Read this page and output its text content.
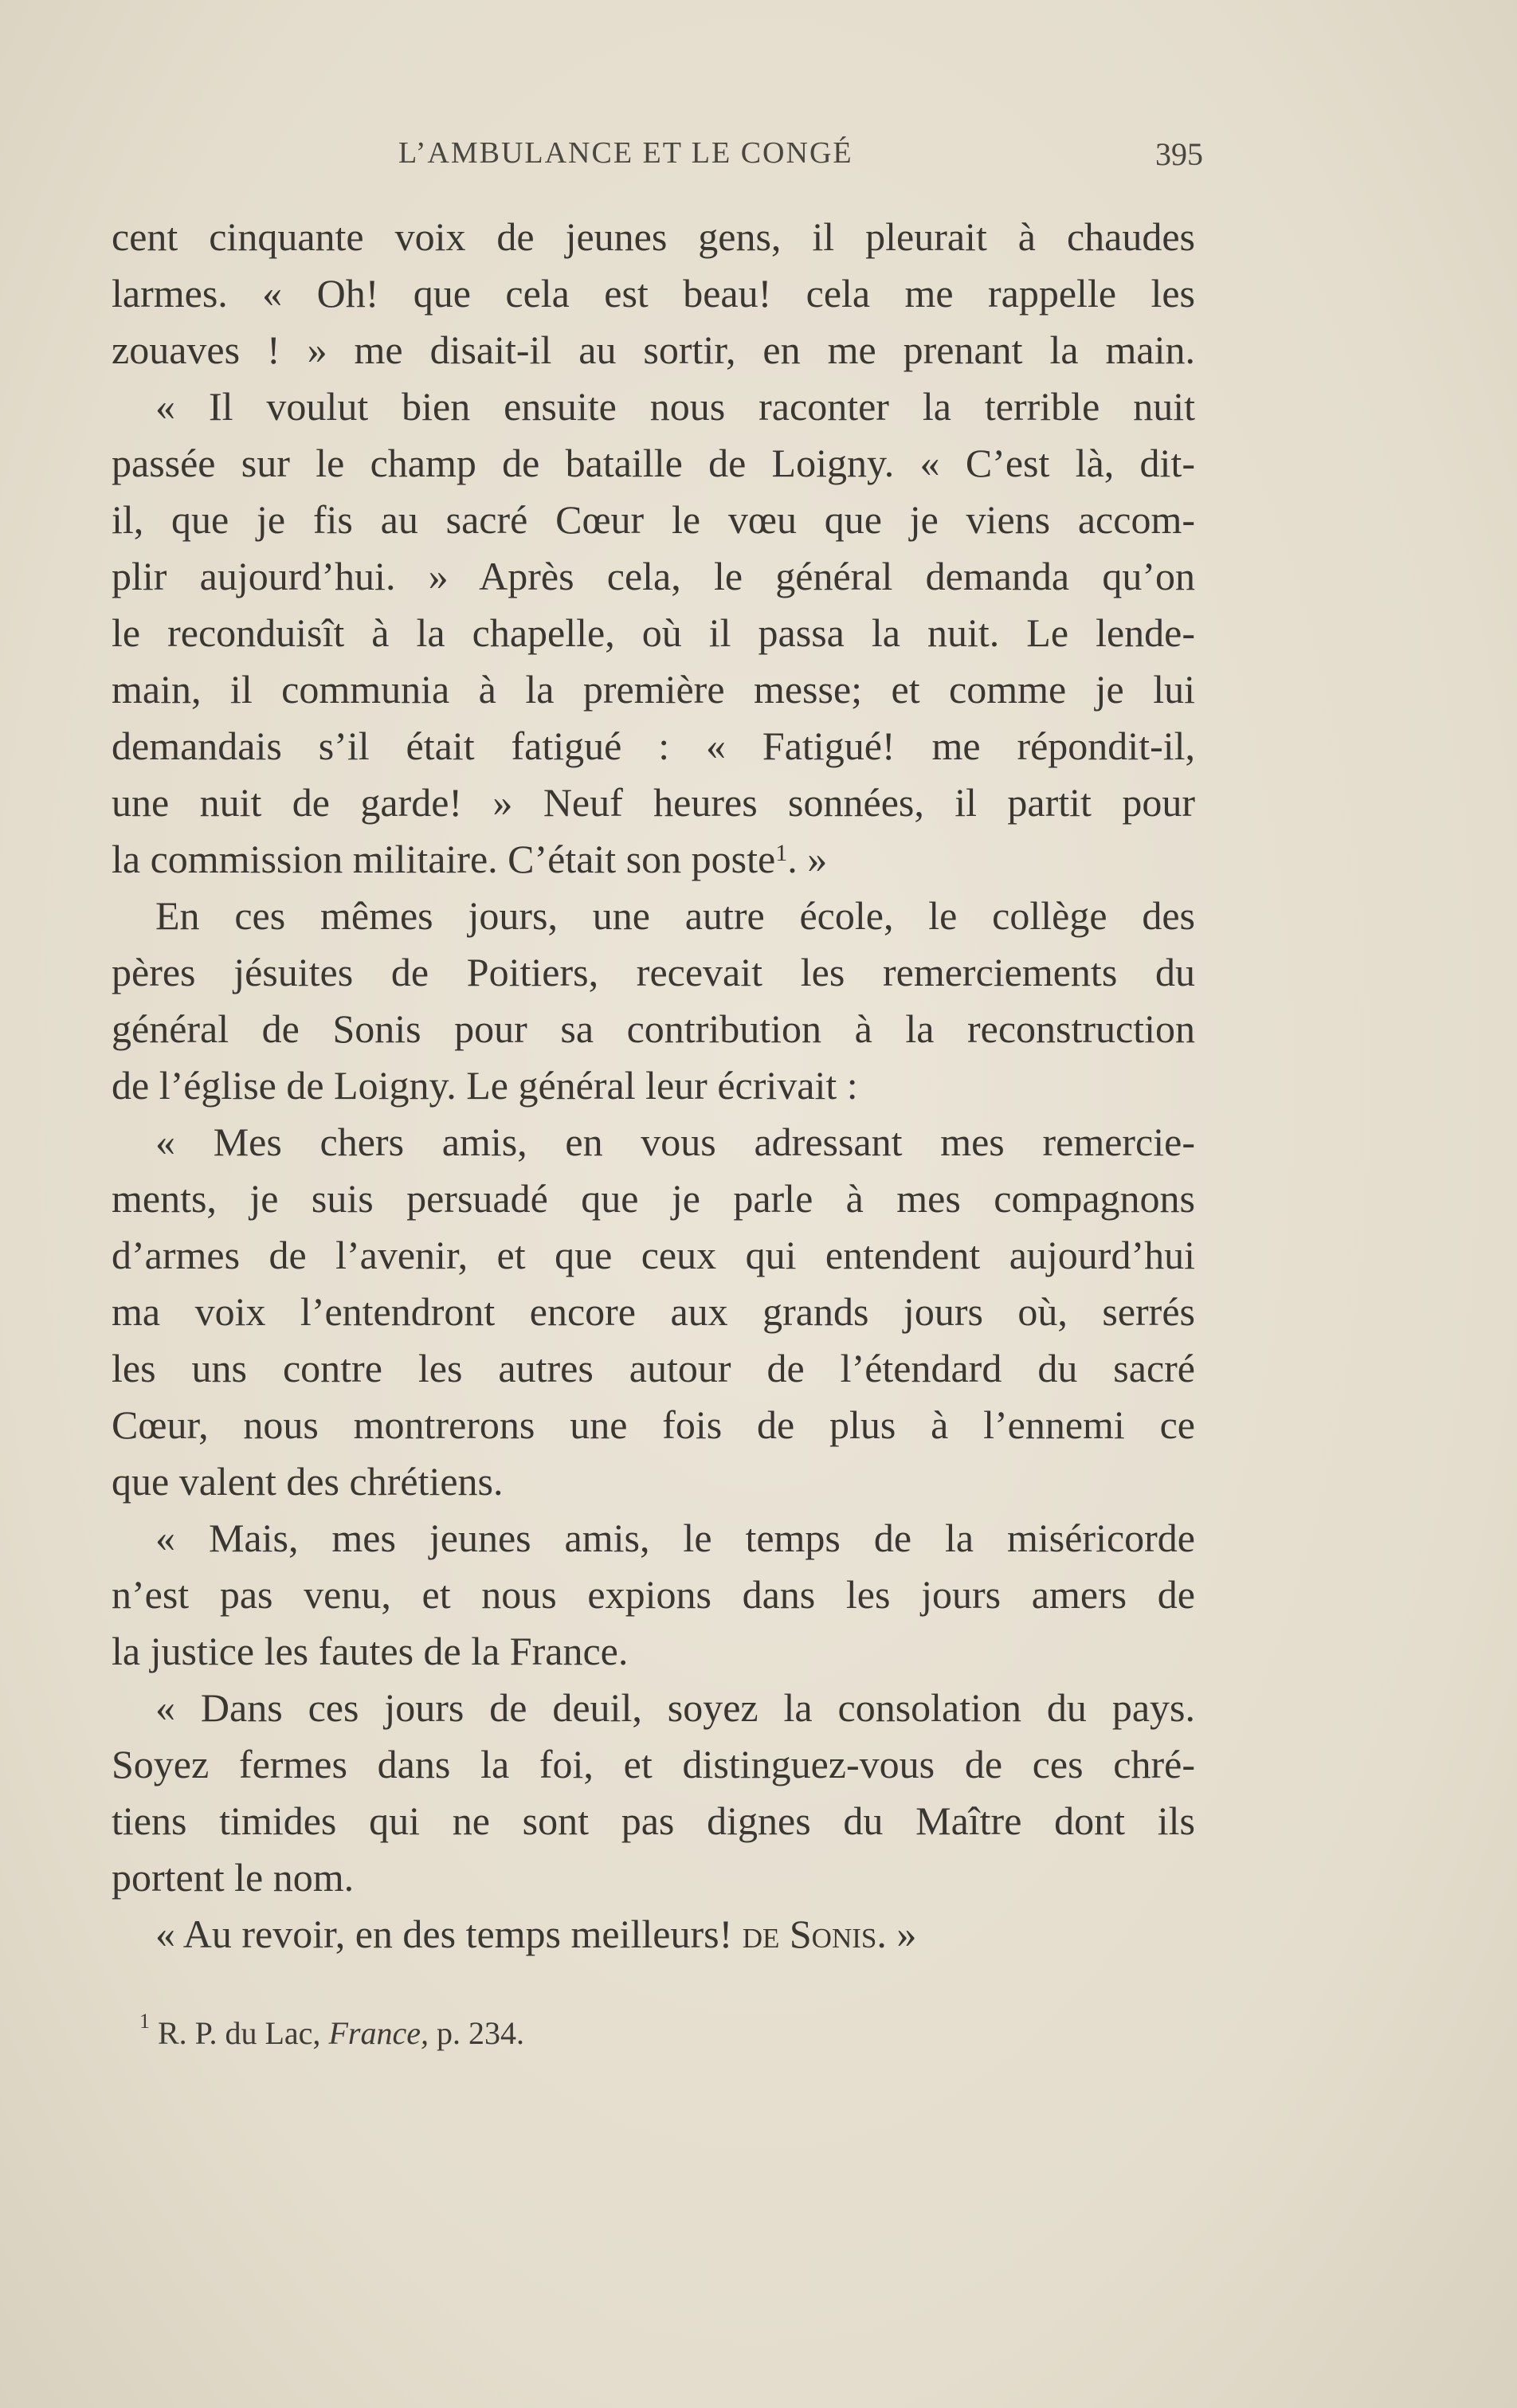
L’AMBULANCE ET LE CONGÉ	395
cent cinquante voix de jeunes gens, il pleurait à chaudes
larmes. « Oh! que cela est beau! cela me rappelle les
zouaves ! » me disait-il au sortir, en me prenant la main.
« Il voulut bien ensuite nous raconter la terrible nuit
passée sur le champ de bataille de Loigny. « C’est là, dit-
il, que je fis au sacré Cœur le vœu que je viens accom-
plir aujourd’hui. » Après cela, le général demanda qu’on
le reconduisît à la chapelle, où il passa la nuit. Le lende-
main, il communia à la première messe; et comme je lui
demandais s’il était fatigué : « Fatigué! me répondit-il,
une nuit de garde! » Neuf heures sonnées, il partit pour
la commission militaire. C’était son poste$^1$. »
En ces mêmes jours, une autre école, le collège des
pères jésuites de Poitiers, recevait les remerciements du
général de Sonis pour sa contribution à la reconstruction
de l’église de Loigny. Le général leur écrivait :
« Mes chers amis, en vous adressant mes remercie-
ments, je suis persuadé que je parle à mes compagnons
d’armes de l’avenir, et que ceux qui entendent aujourd’hui
ma voix l’entendront encore aux grands jours où, serrés
les uns contre les autres autour de l’étendard du sacré
Cœur, nous montrerons une fois de plus à l’ennemi ce
que valent des chrétiens.
« Mais, mes jeunes amis, le temps de la miséricorde
n’est pas venu, et nous expions dans les jours amers de
la justice les fautes de la France.
« Dans ces jours de deuil, soyez la consolation du pays.
Soyez fermes dans la foi, et distinguez-vous de ces chré-
tiens timides qui ne sont pas dignes du Maître dont ils
portent le nom.
« Au revoir, en des temps meilleurs! de Sonis. »
$^1$ R. P. du Lac, France, p. 234.
